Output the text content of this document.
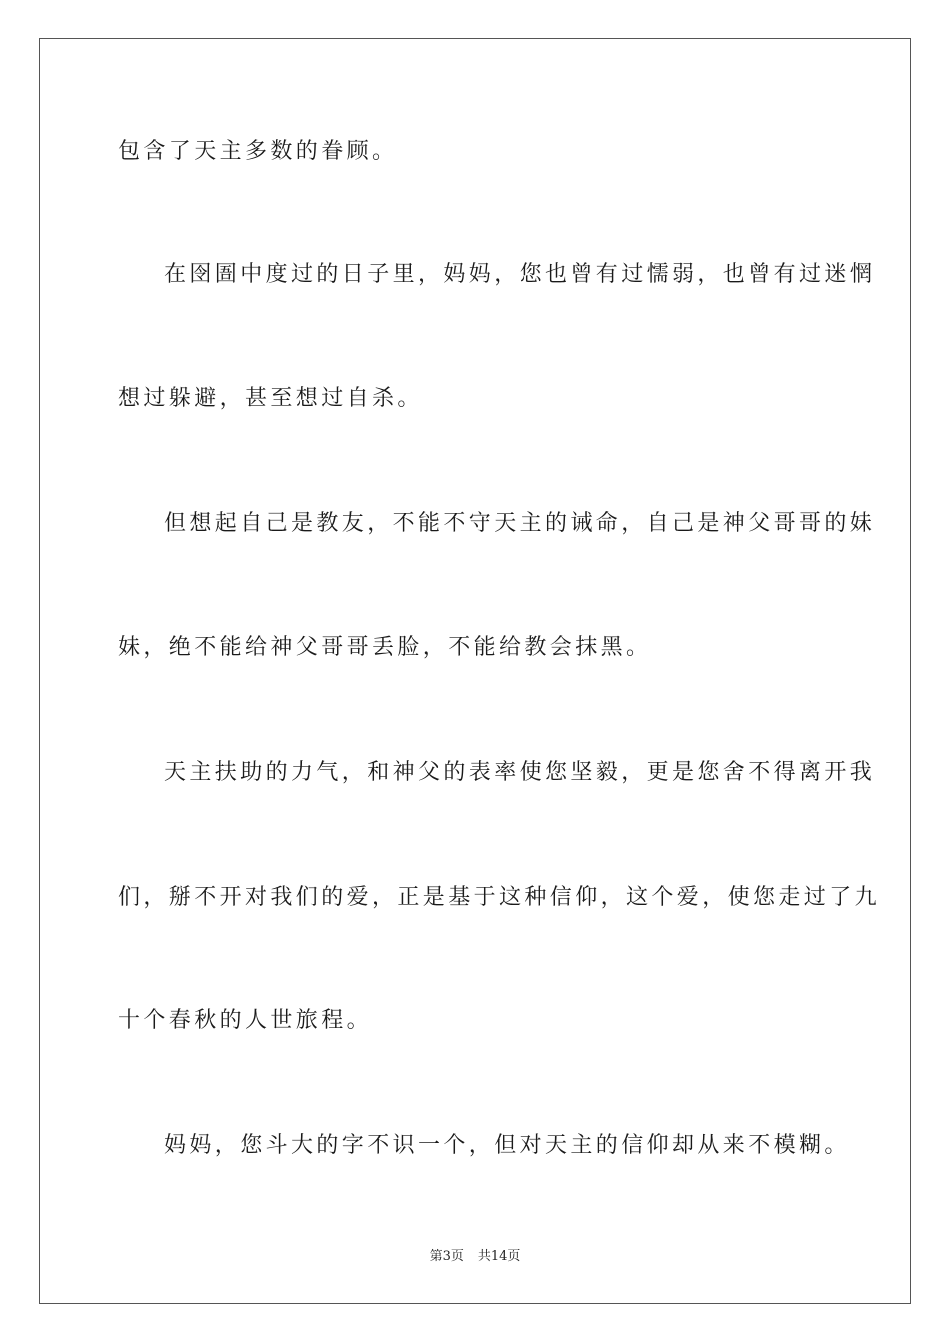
包含了天主多数的眷顾。

在囹圄中度过的日子里，妈妈，您也曾有过懦弱，也曾有过迷惘

想过躲避，甚至想过自杀。

但想起自己是教友，不能不守天主的诫命，自己是神父哥哥的妹

妹，绝不能给神父哥哥丢脸，不能给教会抹黑。

天主扶助的力气，和神父的表率使您坚毅，更是您舍不得离开我

们，掰不开对我们的爱，正是基于这种信仰，这个爱，使您走过了九

十个春秋的人世旅程。

妈妈，您斗大的字不识一个，但对天主的信仰却从来不模糊。

第3页 共14页
